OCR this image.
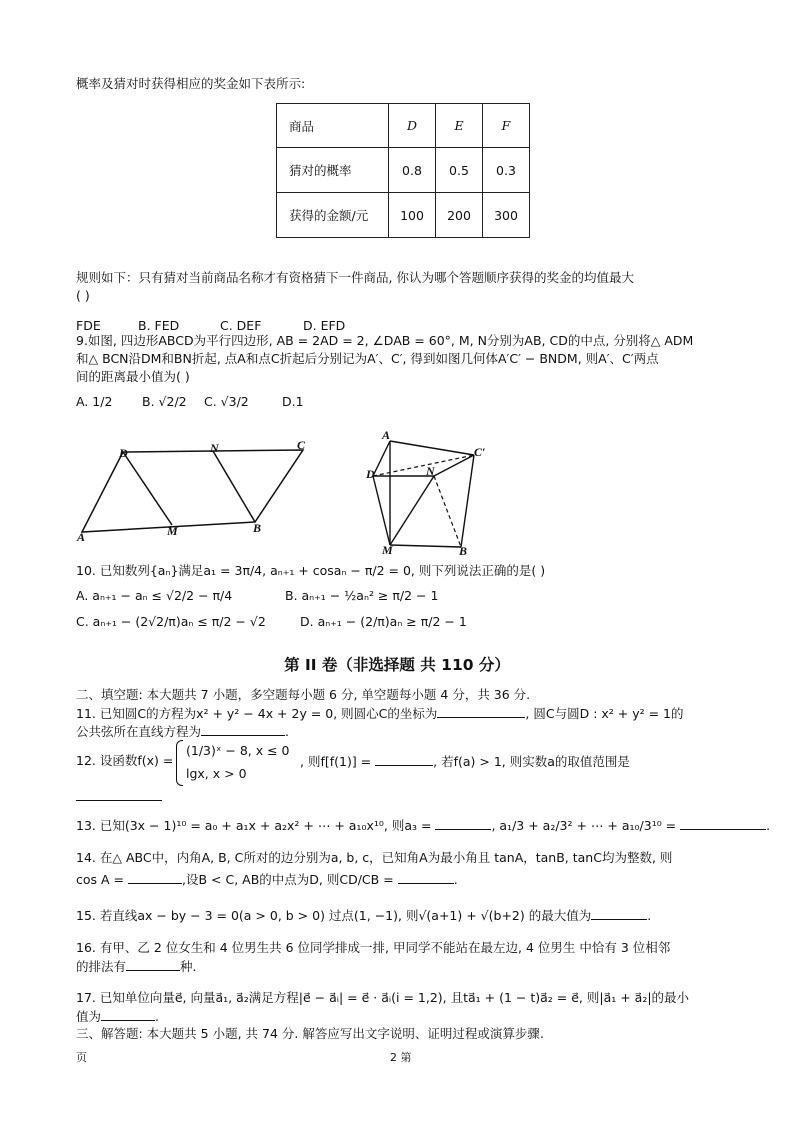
概率及猜对时获得相应的奖金如下表所示:
商品	D	E	F
猜对的概率	0.8	0.5	0.3
获得的金额/元	100	200	300
规则如下：只有猜对当前商品名称才有资格猜下一件商品, 你认为哪个答题顺序获得的奖金的均值最大
( )
FDE	B. FED	C. DEF	D. EFD
9.如图, 四边形ABCD为平行四边形, AB = 2AD = 2, ∠DAB = 60°, M, N分别为AB, CD的中点, 分别将△ ADM
和△ BCN沿DM和BN折起, 点A和点C折起后分别记为A′、C′, 得到如图几何体A′C′ − BNDM, 则A′、C′两点
间的距离最小值为( )
A. 1/2 B. √2/2 C. √3/2	D.1
D	N	C
A	M	B
A
D	N
C′
M	B
10. 已知数列{aₙ}满足a₁ = 3π/4, aₙ₊₁ + cosaₙ − π/2 = 0, 则下列说法正确的是( )
A. aₙ₊₁ − aₙ ≤ √2/2 − π/4	B. aₙ₊₁ − ½aₙ² ≥ π/2 − 1
C. aₙ₊₁ − (2√2/π)aₙ ≤ π/2 − √2	D. aₙ₊₁ − (2/π)aₙ ≥ π/2 − 1
第 II 卷（非选择题 共 110 分）
二、填空题: 本大题共 7 小题，多空题每小题 6 分, 单空题每小题 4 分，共 36 分.
11. 已知圆C的方程为x² + y² − 4x + 2y = 0, 则圆心C的坐标为	, 圆C与圆D : x² + y² = 1的
公共弦所在直线方程为	.
12. 设函数f(x) =
(1/3)ˣ − 8, x ≤ 0
lgx, x > 0
, 则f[f(1)] =	, 若f(a) > 1, 则实数a的取值范围是
13. 已知(3x − 1)¹⁰ = a₀ + a₁x + a₂x² + ⋯ + a₁₀x¹⁰, 则a₃ =	, a₁/3 + a₂/3² + ⋯ + a₁₀/3¹⁰ =	.
14. 在△ ABC中，内角A, B, C所对的边分别为a, b, c，已知角A为最小角且 tanA，tanB, tanC均为整数, 则
cos A =	,设B < C, AB的中点为D, 则CD/CB =	.
15. 若直线ax − by − 3 = 0(a > 0, b > 0) 过点(1, −1), 则√(a+1) + √(b+2) 的最大值为	.
16. 有甲、乙 2 位女生和 4 位男生共 6 位同学排成一排, 甲同学不能站在最左边, 4 位男生 中恰有 3 位相邻
的排法有	种.
17. 已知单位向量e⃗, 向量a⃗₁, a⃗₂满足方程|e⃗ − a⃗ᵢ| = e⃗ · a⃗ᵢ(i = 1,2), 且ta⃗₁ + (1 − t)a⃗₂ = e⃗, 则|a⃗₁ + a⃗₂|的最小
值为	.
三、解答题: 本大题共 5 小题, 共 74 分. 解答应写出文字说明、证明过程或演算步骤.
页	2 第
